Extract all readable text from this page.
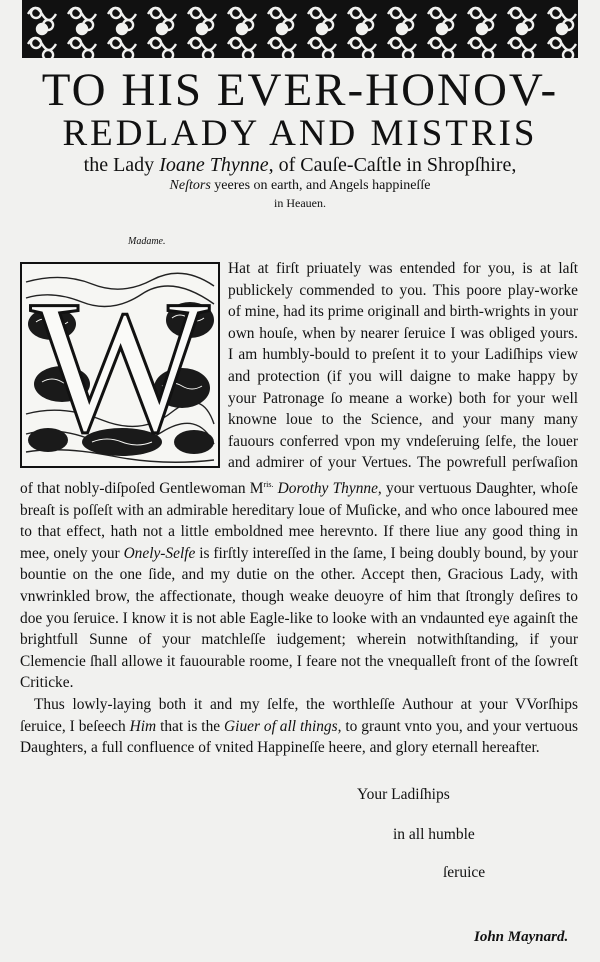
TO HIS EVER-HONOV-
REDLADY AND MISTRIS
the Lady Ioane Thynne, of Cauſe-Caſtle in Shropſhire,
Neſtors yeeres on earth, and Angels happineſſe
in Heauen.
Madame.

W Hat at firſt priuately was entended for you, is at laſt publickely commended to you. This poore play-worke of mine, had its prime originall and birth-wrights in your own houſe, when by nearer ſeruice I was obliged yours. I am humbly-bould to preſent it to your Ladiſhips view and protection (if you will daigne to make happy by your Patronage ſo meane a worke) both for your well knowne loue to the Science, and your many many fauours conferred vpon my vndeſeruing ſelfe, the louer and admirer of your Vertues. The powrefull perſwaſion of that nobly-diſpoſed Gentlewoman $M^{ris.}$ Dorothy Thynne, your vertuous Daughter, whoſe breaſt is poſſeſt with an admirable hereditary loue of Muſicke, and who once laboured mee to that effect, hath not a little emboldned mee herevnto. If there liue any good thing in mee, onely your Onely-Selfe is firſtly intereſſed in the ſame, I being doubly bound, by your bountie on the one ſide, and my dutie on the other. Accept then, Gracious Lady, with vnwrinkled brow, the affectionate, though weake deuoyre of him that ſtrongly deſires to doe you ſeruice. I know it is not able Eagle-like to looke with an vndaunted eye againſt the brightfull Sunne of your matchleſſe iudgement; wherein notwithſtanding, if your Clemencie ſhall allowe it fauourable roome, I feare not the vnequalleſt front of the ſowreſt Criticke.

Thus lowly-laying both it and my ſelfe, the worthleſſe Authour at your VVorſhips ſeruice, I beſeech Him that is the Giuer of all things, to graunt vnto you, and your vertuous Daughters, a full confluence of vnited Happineſſe heere, and glory eternall hereafter.

Your Ladiſhips
in all humble
ſeruice
Iohn Maynard.
